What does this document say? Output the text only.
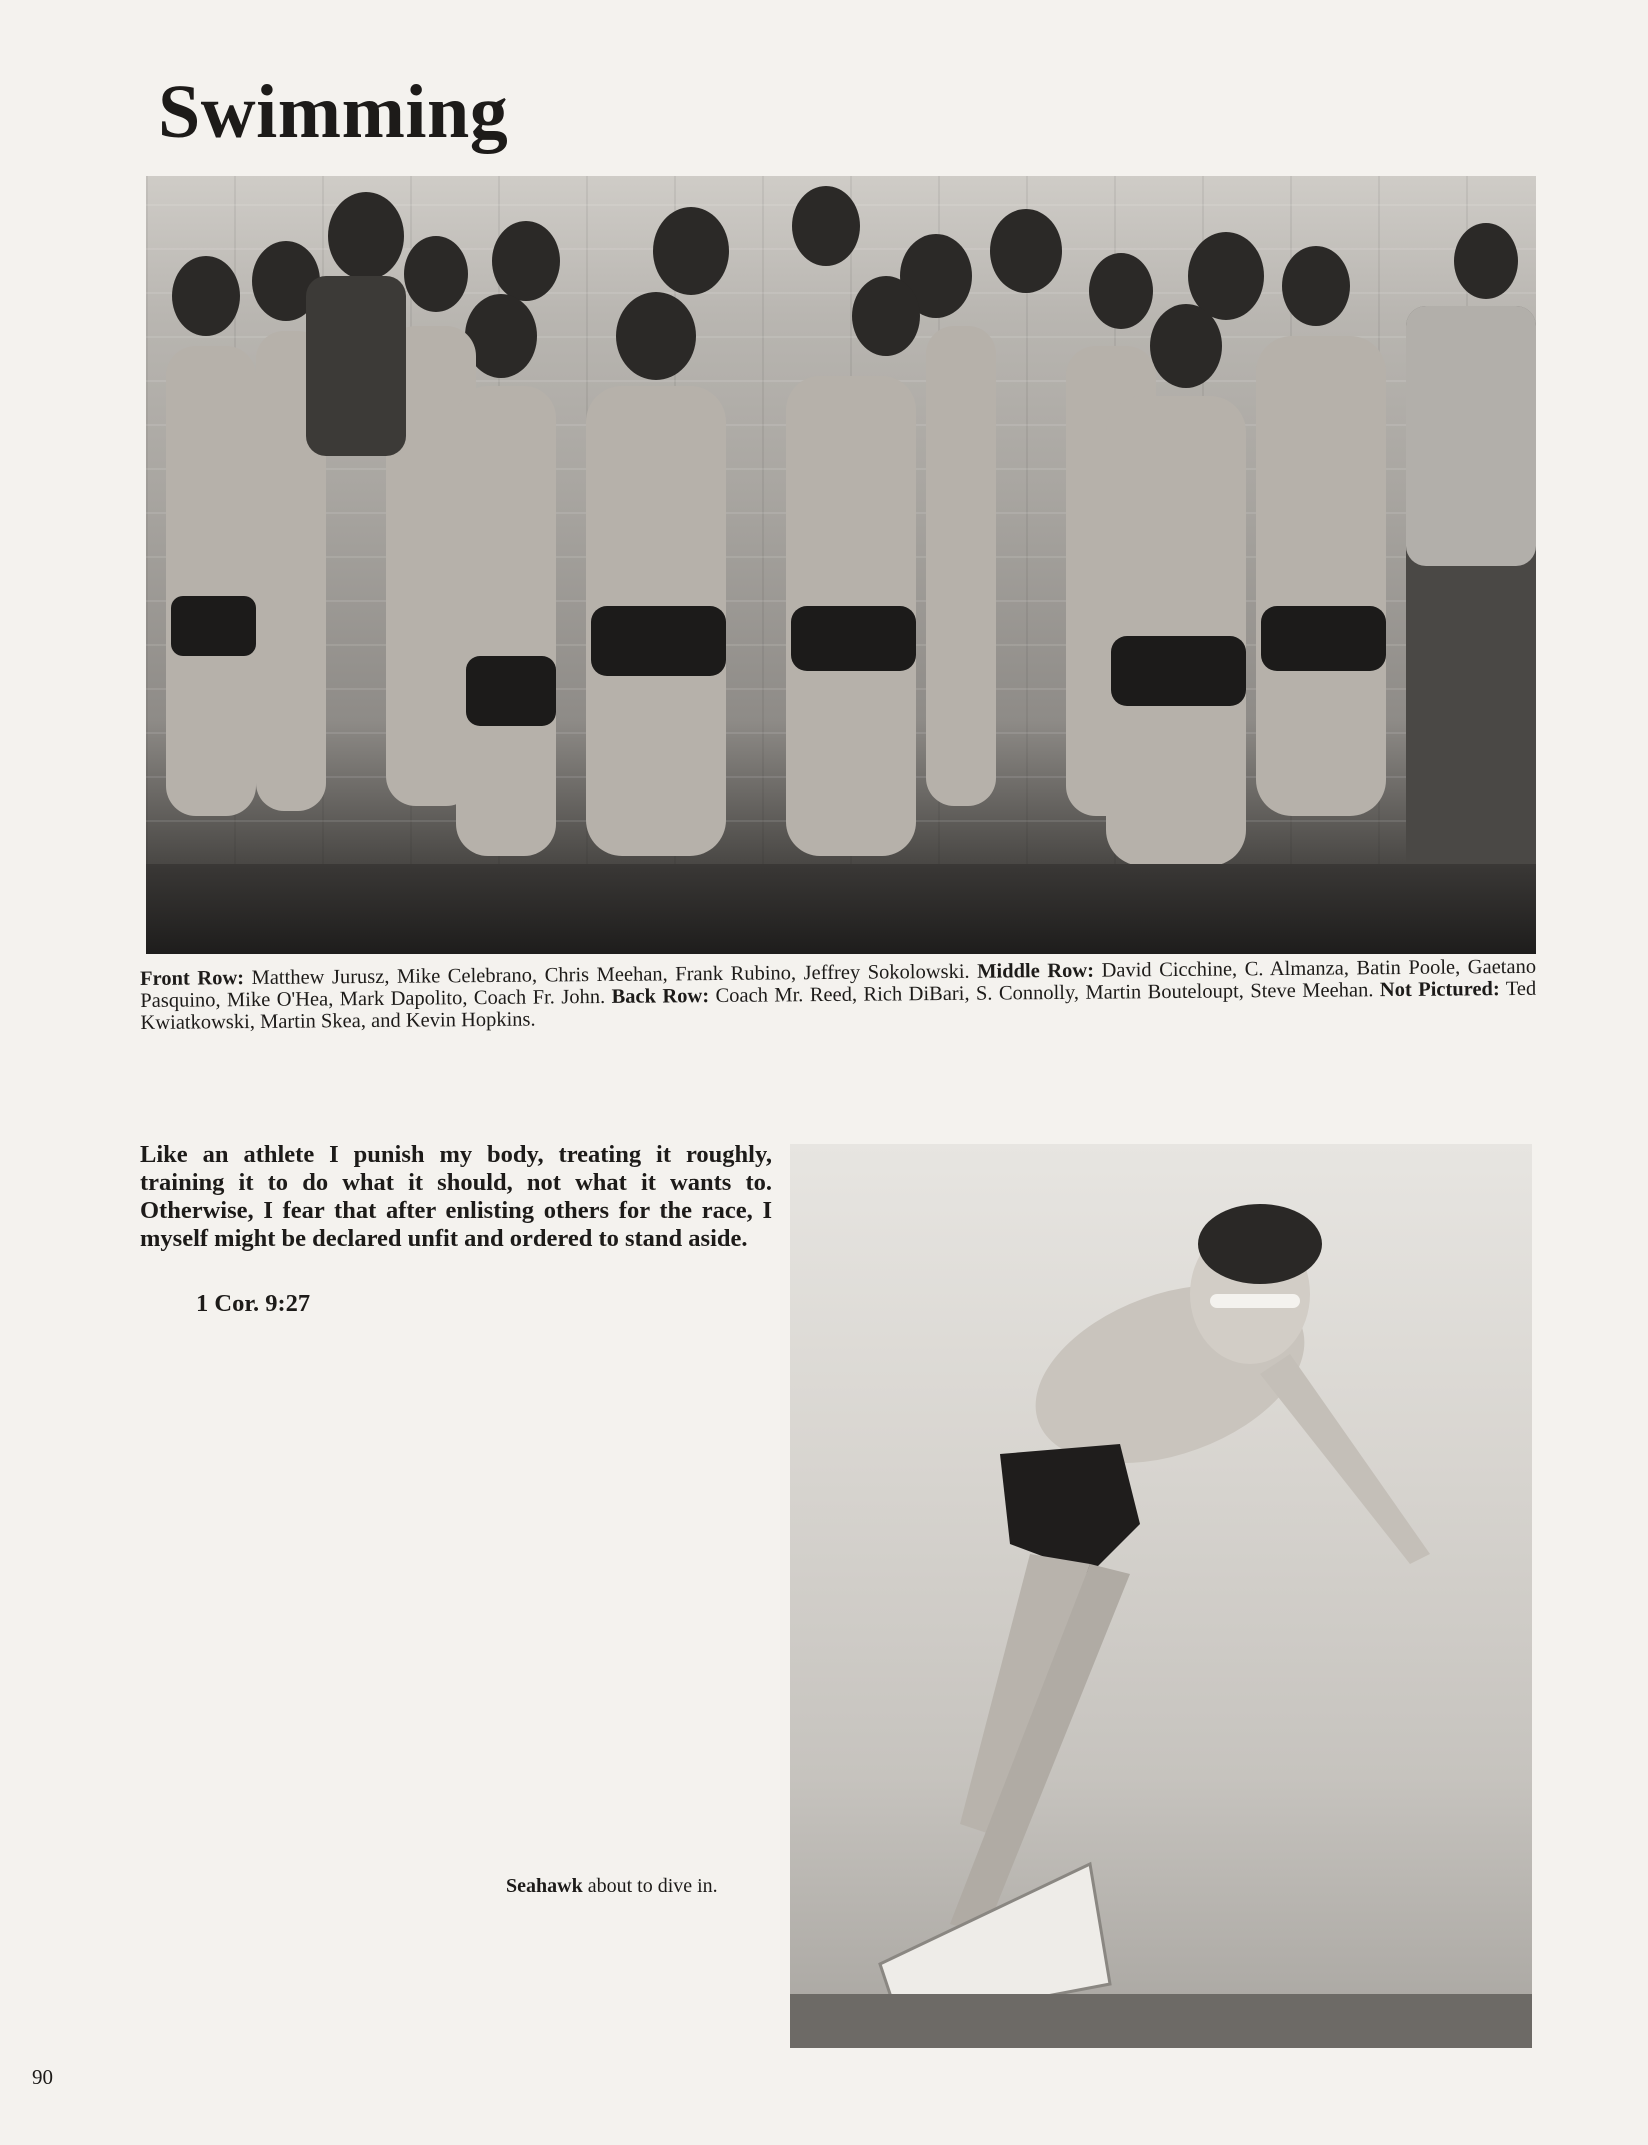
Swimming
Front Row: Matthew Jurusz, Mike Celebrano, Chris Meehan, Frank Rubino, Jeffrey Sokolowski. Middle Row: David Cicchine, C. Almanza, Batin Poole, Gaetano Pasquino, Mike O'Hea, Mark Dapolito, Coach Fr. John. Back Row: Coach Mr. Reed, Rich DiBari, S. Connolly, Martin Bouteloupt, Steve Meehan. Not Pictured: Ted Kwiatkowski, Martin Skea, and Kevin Hopkins.
Like an athlete I punish my body, treating it roughly, training it to do what it should, not what it wants to. Otherwise, I fear that after enlisting others for the race, I myself might be declared unfit and ordered to stand aside.
1 Cor. 9:27
Seahawk about to dive in.
90
